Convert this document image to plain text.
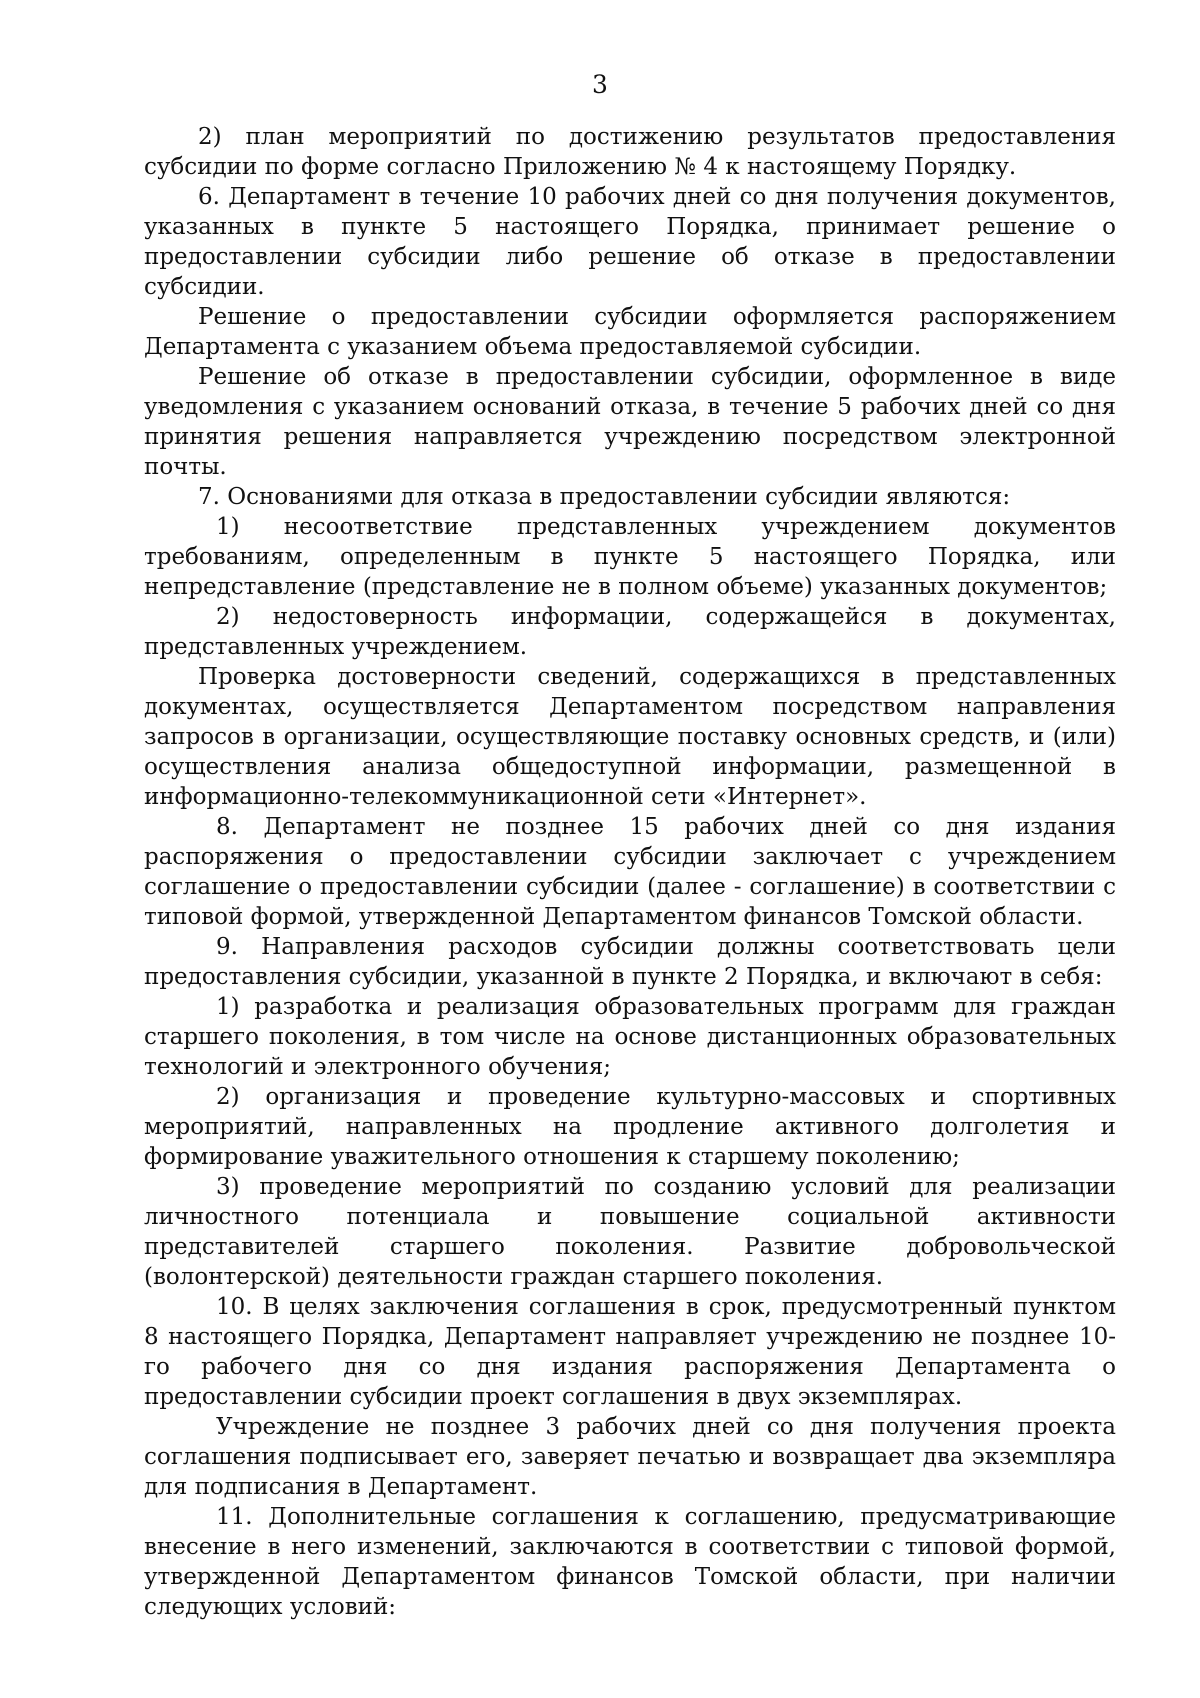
3

2) план мероприятий по достижению результатов предоставления субсидии по форме согласно Приложению № 4 к настоящему Порядку.

6. Департамент в течение 10 рабочих дней со дня получения документов, указанных в пункте 5 настоящего Порядка, принимает решение о предоставлении субсидии либо решение об отказе в предоставлении субсидии.

Решение о предоставлении субсидии оформляется распоряжением Департамента с указанием объема предоставляемой субсидии.

Решение об отказе в предоставлении субсидии, оформленное в виде уведомления с указанием оснований отказа, в течение 5 рабочих дней со дня принятия решения направляется учреждению посредством электронной почты.

7. Основаниями для отказа в предоставлении субсидии являются:

1) несоответствие представленных учреждением документов требованиям, определенным в пункте 5 настоящего Порядка, или непредставление (представление не в полном объеме) указанных документов;

2) недостоверность информации, содержащейся в документах, представленных учреждением.

Проверка достоверности сведений, содержащихся в представленных документах, осуществляется Департаментом посредством направления запросов в организации, осуществляющие поставку основных средств, и (или) осуществления анализа общедоступной информации, размещенной в информационно-телекоммуникационной сети «Интернет».

8. Департамент не позднее 15 рабочих дней со дня издания распоряжения о предоставлении субсидии заключает с учреждением соглашение о предоставлении субсидии (далее - соглашение) в соответствии с типовой формой, утвержденной Департаментом финансов Томской области.

9. Направления расходов субсидии должны соответствовать цели предоставления субсидии, указанной в пункте 2 Порядка, и включают в себя:

1) разработка и реализация образовательных программ для граждан старшего поколения, в том числе на основе дистанционных образовательных технологий и электронного обучения;

2) организация и проведение культурно-массовых и спортивных мероприятий, направленных на продление активного долголетия и формирование уважительного отношения к старшему поколению;

3) проведение мероприятий по созданию условий для реализации личностного потенциала и повышение социальной активности представителей старшего поколения. Развитие добровольческой (волонтерской) деятельности граждан старшего поколения.

10. В целях заключения соглашения в срок, предусмотренный пунктом 8 настоящего Порядка, Департамент направляет учреждению не позднее 10-го рабочего дня со дня издания распоряжения Департамента о предоставлении субсидии проект соглашения в двух экземплярах.

Учреждение не позднее 3 рабочих дней со дня получения проекта соглашения подписывает его, заверяет печатью и возвращает два экземпляра для подписания в Департамент.

11. Дополнительные соглашения к соглашению, предусматривающие внесение в него изменений, заключаются в соответствии с типовой формой, утвержденной Департаментом финансов Томской области, при наличии следующих условий:
